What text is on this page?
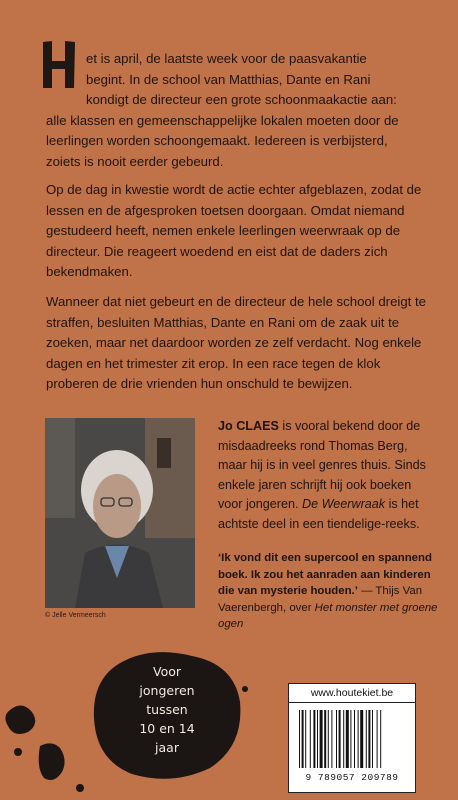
et is april, de laatste week voor de paasvakantie
begint. In de school van Matthias, Dante en Rani
kondigt de directeur een grote schoonmaakactie aan:
alle klassen en gemeenschappelijke lokalen moeten door de
leerlingen worden schoongemaakt. Iedereen is verbijsterd,
zoiets is nooit eerder gebeurd.

Op de dag in kwestie wordt de actie echter afgeblazen, zodat de lessen en de afgesproken toetsen doorgaan. Omdat niemand gestudeerd heeft, nemen enkele leerlingen weerwraak op de directeur. Die reageert woedend en eist dat de daders zich bekendmaken.

Wanneer dat niet gebeurt en de directeur de hele school dreigt te straffen, besluiten Matthias, Dante en Rani om de zaak uit te zoeken, maar net daardoor worden ze zelf verdacht. Nog enkele dagen en het trimester zit erop. In een race tegen de klok proberen de drie vrienden hun onschuld te bewijzen.

© Jelle Vermeersch

Jo CLAES is vooral bekend door de misdaadreeks rond Thomas Berg, maar hij is in veel genres thuis. Sinds enkele jaren schrijft hij ook boeken voor jongeren. De Weerwraak is het achtste deel in een tiendelige-reeks.

‘Ik vond dit een supercool en spannend boek. Ik zou het aanraden aan kinderen die van mysterie houden.’ — Thijs Van Vaerenbergh, over Het monster met groene ogen

Voor
jongeren
tussen
10 en 14
jaar
www.houtekiet.be
9 789057 209789
